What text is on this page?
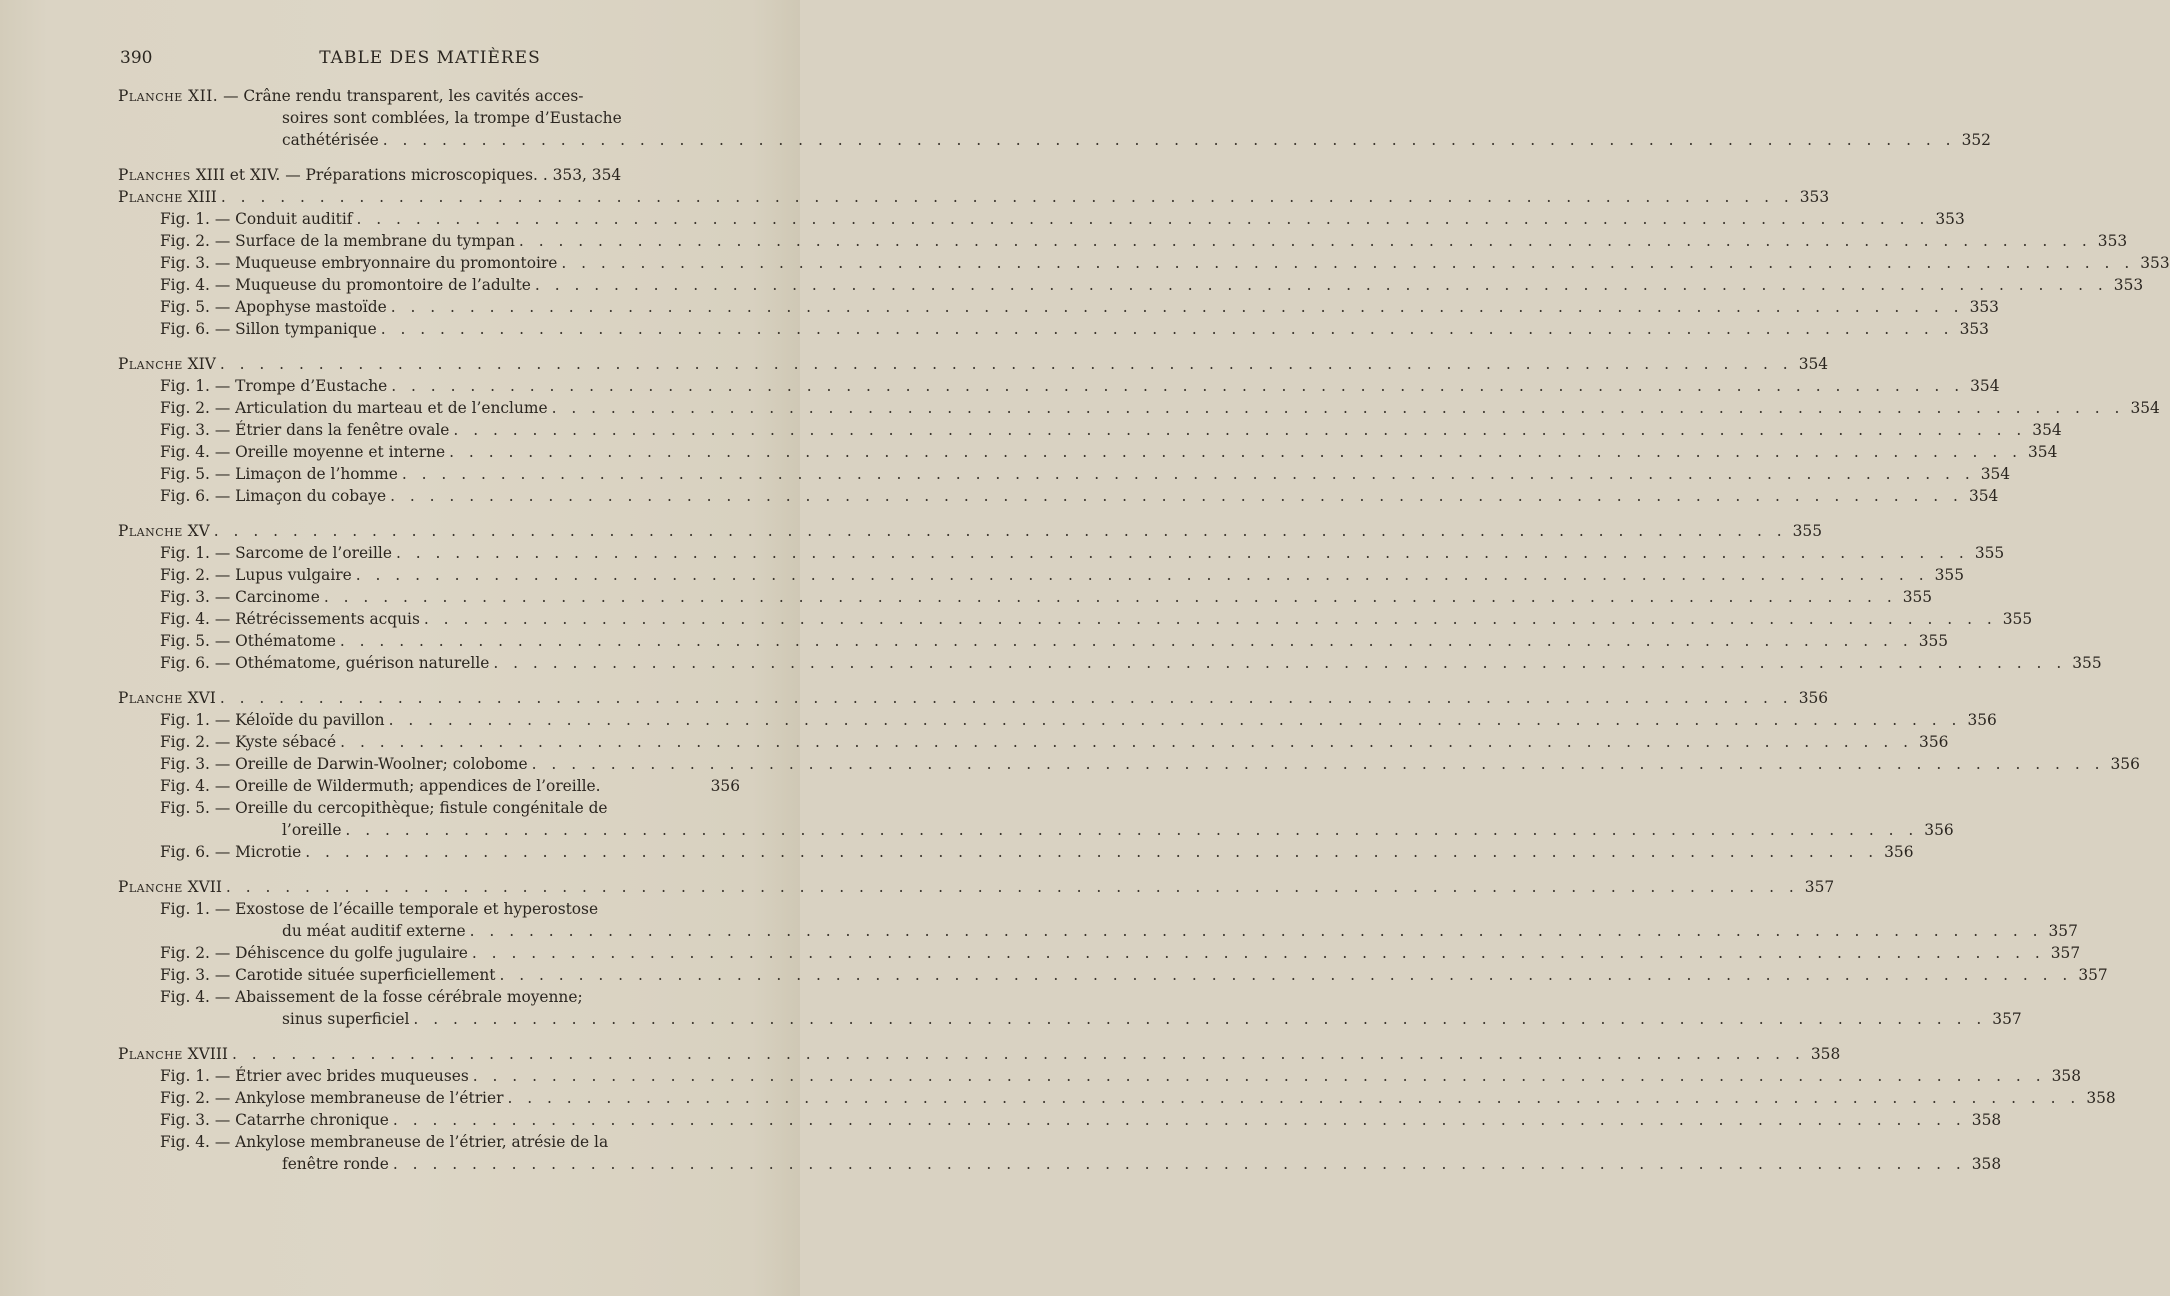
390	TABLE DES MATIÈRES
Planche XII. — Crâne rendu transparent, les cavités acces-
soires sont comblées, la trompe d’Eustache
cathétérisée . . . . . . . . . . . . . . . . . . . . . . . . . . . . . . . . . . . . . . . . . . . . . . . . . . . . . . . . . . . . . . . . . . . . . . . . . . . . . . . . 352
Planches XIII et XIV. — Préparations microscopiques. . 353, 354
Planche XIII . . . . . . . . . . . . . . . . . . . . . . . . . . . . . . . . . . . . . . . . . . . . . . . . . . . . . . . . . . . . . . . . . . . . . . . . . . . . . . . . 353
Fig. 1. — Conduit auditif . . . . . . . . . . . . . . . . . . . . . . . . . . . . . . . . . . . . . . . . . . . . . . . . . . . . . . . . . . . . . . . . . . . . . . . . . . . . . . . . 353
Fig. 2. — Surface de la membrane du tympan . . . . . . . . . . . . . . . . . . . . . . . . . . . . . . . . . . . . . . . . . . . . . . . . . . . . . . . . . . . . . . . . . . . . . . . . . . . . . . . . 353
Fig. 3. — Muqueuse embryonnaire du promontoire . . . . . . . . . . . . . . . . . . . . . . . . . . . . . . . . . . . . . . . . . . . . . . . . . . . . . . . . . . . . . . . . . . . . . . . . . . . . . . . . 353
Fig. 4. — Muqueuse du promontoire de l’adulte . . . . . . . . . . . . . . . . . . . . . . . . . . . . . . . . . . . . . . . . . . . . . . . . . . . . . . . . . . . . . . . . . . . . . . . . . . . . . . . . 353
Fig. 5. — Apophyse mastoïde . . . . . . . . . . . . . . . . . . . . . . . . . . . . . . . . . . . . . . . . . . . . . . . . . . . . . . . . . . . . . . . . . . . . . . . . . . . . . . . . 353
Fig. 6. — Sillon tympanique . . . . . . . . . . . . . . . . . . . . . . . . . . . . . . . . . . . . . . . . . . . . . . . . . . . . . . . . . . . . . . . . . . . . . . . . . . . . . . . . 353
Planche XIV . . . . . . . . . . . . . . . . . . . . . . . . . . . . . . . . . . . . . . . . . . . . . . . . . . . . . . . . . . . . . . . . . . . . . . . . . . . . . . . . 354
Fig. 1. — Trompe d’Eustache . . . . . . . . . . . . . . . . . . . . . . . . . . . . . . . . . . . . . . . . . . . . . . . . . . . . . . . . . . . . . . . . . . . . . . . . . . . . . . . . 354
Fig. 2. — Articulation du marteau et de l’enclume . . . . . . . . . . . . . . . . . . . . . . . . . . . . . . . . . . . . . . . . . . . . . . . . . . . . . . . . . . . . . . . . . . . . . . . . . . . . . . . . 354
Fig. 3. — Étrier dans la fenêtre ovale . . . . . . . . . . . . . . . . . . . . . . . . . . . . . . . . . . . . . . . . . . . . . . . . . . . . . . . . . . . . . . . . . . . . . . . . . . . . . . . . 354
Fig. 4. — Oreille moyenne et interne . . . . . . . . . . . . . . . . . . . . . . . . . . . . . . . . . . . . . . . . . . . . . . . . . . . . . . . . . . . . . . . . . . . . . . . . . . . . . . . . 354
Fig. 5. — Limaçon de l’homme . . . . . . . . . . . . . . . . . . . . . . . . . . . . . . . . . . . . . . . . . . . . . . . . . . . . . . . . . . . . . . . . . . . . . . . . . . . . . . . . 354
Fig. 6. — Limaçon du cobaye . . . . . . . . . . . . . . . . . . . . . . . . . . . . . . . . . . . . . . . . . . . . . . . . . . . . . . . . . . . . . . . . . . . . . . . . . . . . . . . . 354
Planche XV . . . . . . . . . . . . . . . . . . . . . . . . . . . . . . . . . . . . . . . . . . . . . . . . . . . . . . . . . . . . . . . . . . . . . . . . . . . . . . . . 355
Fig. 1. — Sarcome de l’oreille . . . . . . . . . . . . . . . . . . . . . . . . . . . . . . . . . . . . . . . . . . . . . . . . . . . . . . . . . . . . . . . . . . . . . . . . . . . . . . . . 355
Fig. 2. — Lupus vulgaire . . . . . . . . . . . . . . . . . . . . . . . . . . . . . . . . . . . . . . . . . . . . . . . . . . . . . . . . . . . . . . . . . . . . . . . . . . . . . . . . 355
Fig. 3. — Carcinome . . . . . . . . . . . . . . . . . . . . . . . . . . . . . . . . . . . . . . . . . . . . . . . . . . . . . . . . . . . . . . . . . . . . . . . . . . . . . . . . 355
Fig. 4. — Rétrécissements acquis . . . . . . . . . . . . . . . . . . . . . . . . . . . . . . . . . . . . . . . . . . . . . . . . . . . . . . . . . . . . . . . . . . . . . . . . . . . . . . . . 355
Fig. 5. — Othématome . . . . . . . . . . . . . . . . . . . . . . . . . . . . . . . . . . . . . . . . . . . . . . . . . . . . . . . . . . . . . . . . . . . . . . . . . . . . . . . . 355
Fig. 6. — Othématome, guérison naturelle . . . . . . . . . . . . . . . . . . . . . . . . . . . . . . . . . . . . . . . . . . . . . . . . . . . . . . . . . . . . . . . . . . . . . . . . . . . . . . . . 355
Planche XVI . . . . . . . . . . . . . . . . . . . . . . . . . . . . . . . . . . . . . . . . . . . . . . . . . . . . . . . . . . . . . . . . . . . . . . . . . . . . . . . . 356
Fig. 1. — Kéloïde du pavillon . . . . . . . . . . . . . . . . . . . . . . . . . . . . . . . . . . . . . . . . . . . . . . . . . . . . . . . . . . . . . . . . . . . . . . . . . . . . . . . . 356
Fig. 2. — Kyste sébacé . . . . . . . . . . . . . . . . . . . . . . . . . . . . . . . . . . . . . . . . . . . . . . . . . . . . . . . . . . . . . . . . . . . . . . . . . . . . . . . . 356
Fig. 3. — Oreille de Darwin-Woolner; colobome . . . . . . . . . . . . . . . . . . . . . . . . . . . . . . . . . . . . . . . . . . . . . . . . . . . . . . . . . . . . . . . . . . . . . . . . . . . . . . . . 356
Fig. 4. — Oreille de Wildermuth; appendices de l’oreille.	356
Fig. 5. — Oreille du cercopithèque; fistule congénitale de
l’oreille . . . . . . . . . . . . . . . . . . . . . . . . . . . . . . . . . . . . . . . . . . . . . . . . . . . . . . . . . . . . . . . . . . . . . . . . . . . . . . . . 356
Fig. 6. — Microtie . . . . . . . . . . . . . . . . . . . . . . . . . . . . . . . . . . . . . . . . . . . . . . . . . . . . . . . . . . . . . . . . . . . . . . . . . . . . . . . . 356
Planche XVII . . . . . . . . . . . . . . . . . . . . . . . . . . . . . . . . . . . . . . . . . . . . . . . . . . . . . . . . . . . . . . . . . . . . . . . . . . . . . . . . 357
Fig. 1. — Exostose de l’écaille temporale et hyperostose
du méat auditif externe . . . . . . . . . . . . . . . . . . . . . . . . . . . . . . . . . . . . . . . . . . . . . . . . . . . . . . . . . . . . . . . . . . . . . . . . . . . . . . . . 357
Fig. 2. — Déhiscence du golfe jugulaire . . . . . . . . . . . . . . . . . . . . . . . . . . . . . . . . . . . . . . . . . . . . . . . . . . . . . . . . . . . . . . . . . . . . . . . . . . . . . . . . 357
Fig. 3. — Carotide située superficiellement . . . . . . . . . . . . . . . . . . . . . . . . . . . . . . . . . . . . . . . . . . . . . . . . . . . . . . . . . . . . . . . . . . . . . . . . . . . . . . . . 357
Fig. 4. — Abaissement de la fosse cérébrale moyenne;
sinus superficiel . . . . . . . . . . . . . . . . . . . . . . . . . . . . . . . . . . . . . . . . . . . . . . . . . . . . . . . . . . . . . . . . . . . . . . . . . . . . . . . . 357
Planche XVIII . . . . . . . . . . . . . . . . . . . . . . . . . . . . . . . . . . . . . . . . . . . . . . . . . . . . . . . . . . . . . . . . . . . . . . . . . . . . . . . . 358
Fig. 1. — Étrier avec brides muqueuses . . . . . . . . . . . . . . . . . . . . . . . . . . . . . . . . . . . . . . . . . . . . . . . . . . . . . . . . . . . . . . . . . . . . . . . . . . . . . . . . 358
Fig. 2. — Ankylose membraneuse de l’étrier . . . . . . . . . . . . . . . . . . . . . . . . . . . . . . . . . . . . . . . . . . . . . . . . . . . . . . . . . . . . . . . . . . . . . . . . . . . . . . . . 358
Fig. 3. — Catarrhe chronique . . . . . . . . . . . . . . . . . . . . . . . . . . . . . . . . . . . . . . . . . . . . . . . . . . . . . . . . . . . . . . . . . . . . . . . . . . . . . . . . 358
Fig. 4. — Ankylose membraneuse de l’étrier, atrésie de la
fenêtre ronde . . . . . . . . . . . . . . . . . . . . . . . . . . . . . . . . . . . . . . . . . . . . . . . . . . . . . . . . . . . . . . . . . . . . . . . . . . . . . . . . 358
